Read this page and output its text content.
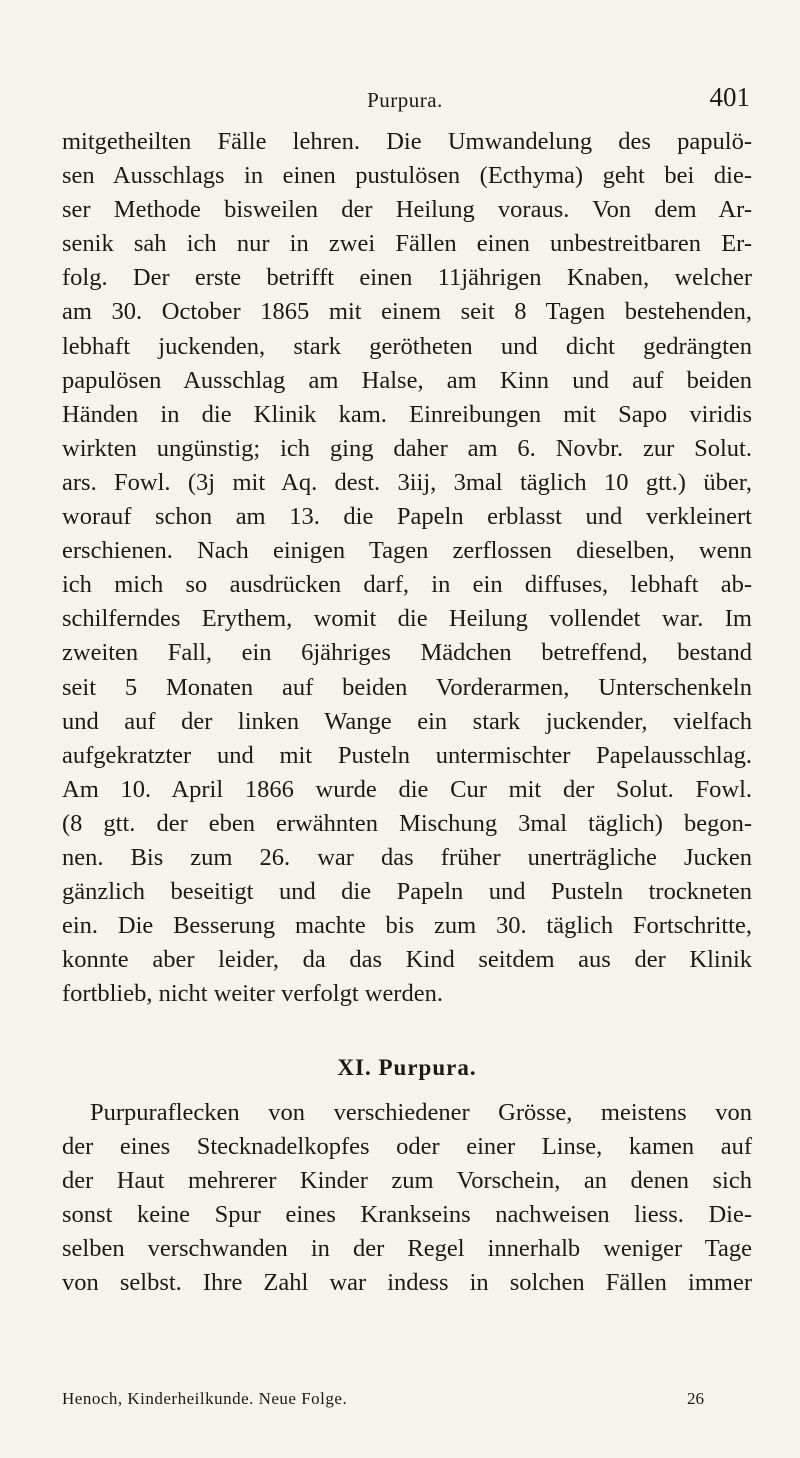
Purpura.	401
mitgetheilten Fälle lehren. Die Umwandelung des papulö-
sen Ausschlags in einen pustulösen (Ecthyma) geht bei die-
ser Methode bisweilen der Heilung voraus. Von dem Ar-
senik sah ich nur in zwei Fällen einen unbestreitbaren Er-
folg. Der erste betrifft einen 11jährigen Knaben, welcher
am 30. October 1865 mit einem seit 8 Tagen bestehenden,
lebhaft juckenden, stark gerötheten und dicht gedrängten
papulösen Ausschlag am Halse, am Kinn und auf beiden
Händen in die Klinik kam. Einreibungen mit Sapo viridis
wirkten ungünstig; ich ging daher am 6. Novbr. zur Solut.
ars. Fowl. (3j mit Aq. dest. 3iij, 3mal täglich 10 gtt.) über,
worauf schon am 13. die Papeln erblasst und verkleinert
erschienen. Nach einigen Tagen zerflossen dieselben, wenn
ich mich so ausdrücken darf, in ein diffuses, lebhaft ab-
schilferndes Erythem, womit die Heilung vollendet war. Im
zweiten Fall, ein 6jähriges Mädchen betreffend, bestand
seit 5 Monaten auf beiden Vorderarmen, Unterschenkeln
und auf der linken Wange ein stark juckender, vielfach
aufgekratzter und mit Pusteln untermischter Papelausschlag.
Am 10. April 1866 wurde die Cur mit der Solut. Fowl.
(8 gtt. der eben erwähnten Mischung 3mal täglich) begon-
nen. Bis zum 26. war das früher unerträgliche Jucken
gänzlich beseitigt und die Papeln und Pusteln trockneten
ein. Die Besserung machte bis zum 30. täglich Fortschritte,
konnte aber leider, da das Kind seitdem aus der Klinik
fortblieb, nicht weiter verfolgt werden.
XI. Purpura.
Purpuraflecken von verschiedener Grösse, meistens von
der eines Stecknadelkopfes oder einer Linse, kamen auf
der Haut mehrerer Kinder zum Vorschein, an denen sich
sonst keine Spur eines Krankseins nachweisen liess. Die-
selben verschwanden in der Regel innerhalb weniger Tage
von selbst. Ihre Zahl war indess in solchen Fällen immer
Henoch, Kinderheilkunde. Neue Folge.	26
